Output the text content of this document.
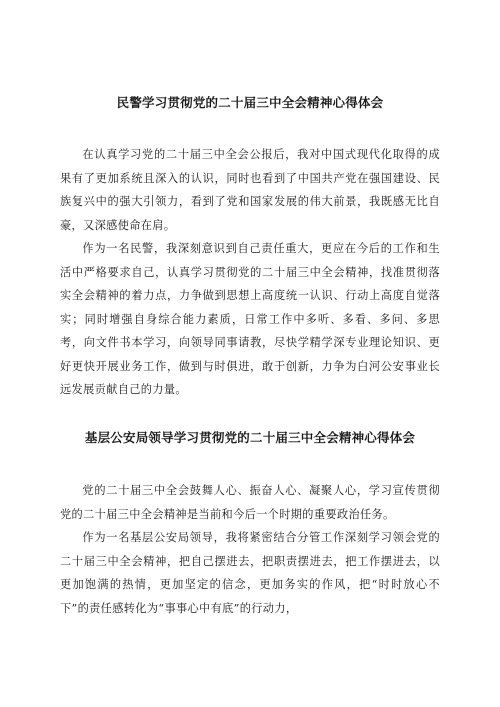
民警学习贯彻党的二十届三中全会精神心得体会

在认真学习党的二十届三中全会公报后，我对中国式现代化取得的成果有了更加系统且深入的认识，同时也看到了中国共产党在强国建设、民族复兴中的强大引领力，看到了党和国家发展的伟大前景，我既感无比自豪，又深感使命在肩。

作为一名民警，我深刻意识到自己责任重大，更应在今后的工作和生活中严格要求自己，认真学习贯彻党的二十届三中全会精神，找准贯彻落实全会精神的着力点，力争做到思想上高度统一认识、行动上高度自觉落实；同时增强自身综合能力素质，日常工作中多听、多看、多问、多思考，向文件书本学习，向领导同事请教，尽快学精学深专业理论知识、更好更快开展业务工作，做到与时俱进，敢于创新，力争为白河公安事业长远发展贡献自己的力量。

基层公安局领导学习贯彻党的二十届三中全会精神心得体会

党的二十届三中全会鼓舞人心、振奋人心、凝聚人心，学习宣传贯彻党的二十届三中全会精神是当前和今后一个时期的重要政治任务。

作为一名基层公安局领导，我将紧密结合分管工作深刻学习领会党的二十届三中全会精神，把自己摆进去，把职责摆进去，把工作摆进去，以更加饱满的热情，更加坚定的信念，更加务实的作风，把“时时放心不下”的责任感转化为“事事心中有底”的行动力，
